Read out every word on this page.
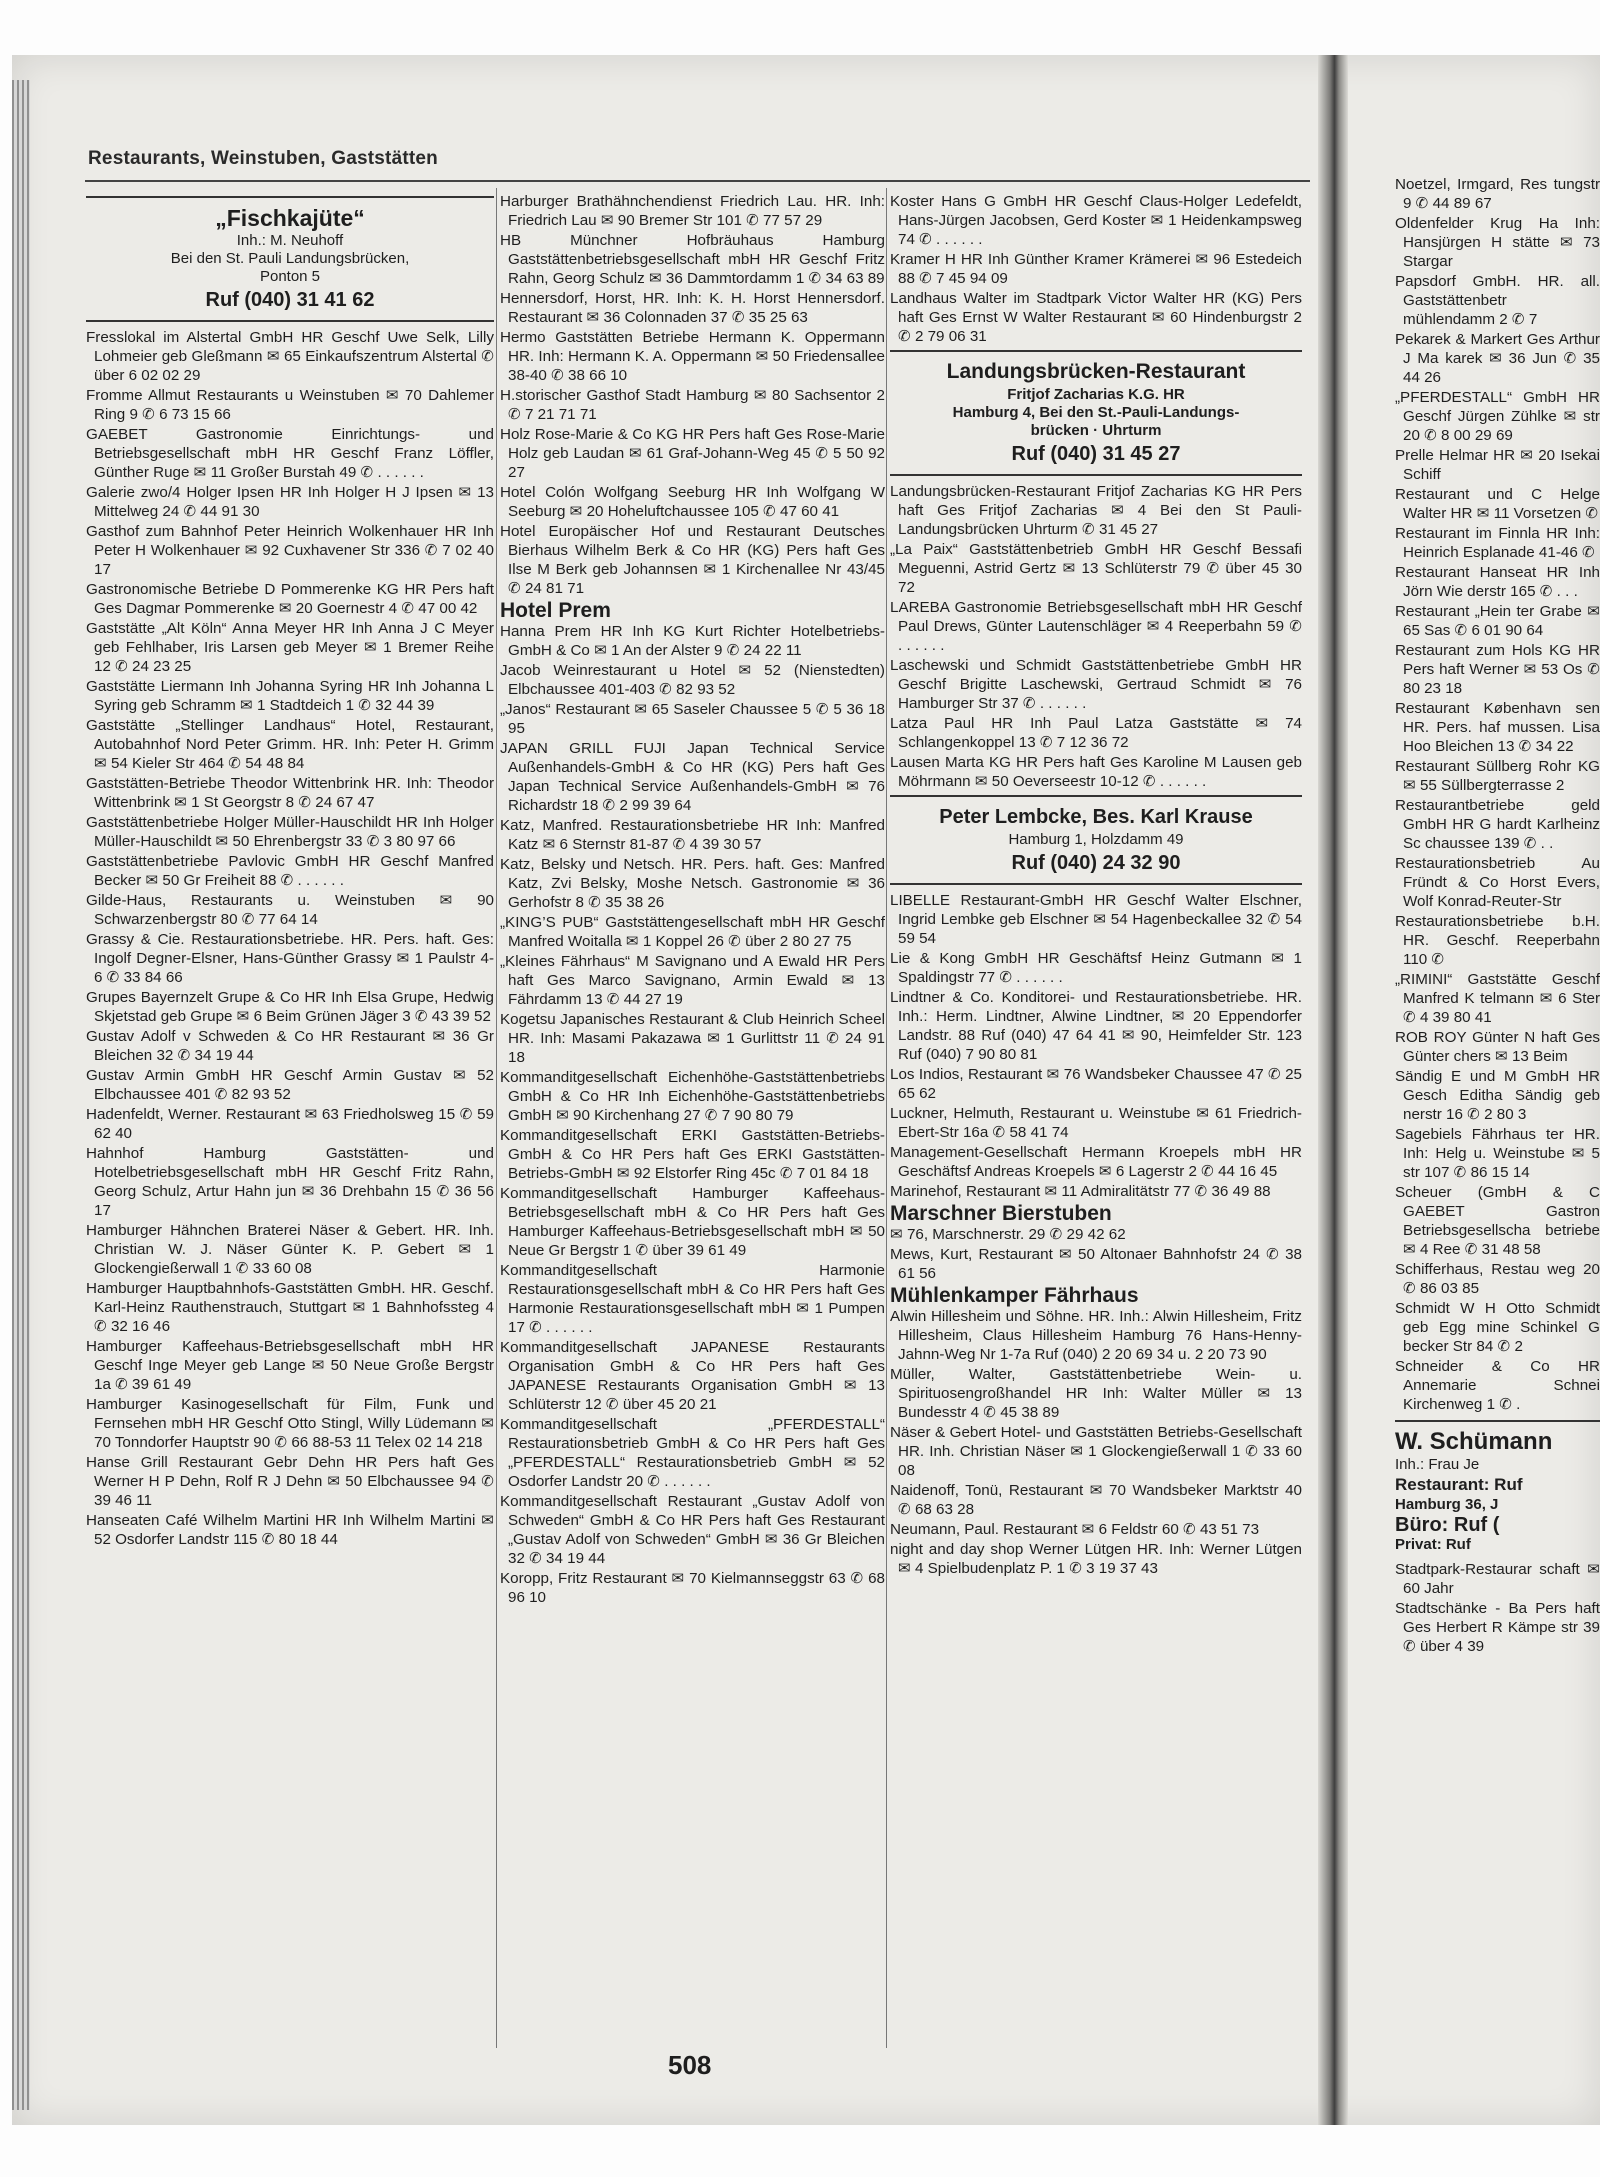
Restaurants, Weinstuben, Gaststätten
„Fischkajüte“
Inh.: M. Neuhoff
Bei den St. Pauli Landungsbrücken,
Ponton 5
Ruf (040) 31 41 62
Fresslokal im Alstertal GmbH HR Geschf Uwe Selk, Lilly Lohmeier geb Gleßmann ✉ 65 Einkaufszentrum Alstertal ✆ über 6 02 02 29
Fromme Allmut Restaurants u Weinstuben ✉ 70 Dahlemer Ring 9 ✆ 6 73 15 66
GAEBET Gastronomie Einrichtungs- und Betriebsgesellschaft mbH HR Geschf Franz Löffler, Günther Ruge ✉ 11 Großer Burstah 49 ✆ . . . . . .
Galerie zwo/4 Holger Ipsen HR Inh Holger H J Ipsen ✉ 13 Mittelweg 24 ✆ 44 91 30
Gasthof zum Bahnhof Peter Heinrich Wolkenhauer HR Inh Peter H Wolkenhauer ✉ 92 Cuxhavener Str 336 ✆ 7 02 40 17
Gastronomische Betriebe D Pommerenke KG HR Pers haft Ges Dagmar Pommerenke ✉ 20 Goernestr 4 ✆ 47 00 42
Gaststätte „Alt Köln“ Anna Meyer HR Inh Anna J C Meyer geb Fehlhaber, Iris Larsen geb Meyer ✉ 1 Bremer Reihe 12 ✆ 24 23 25
Gaststätte Liermann Inh Johanna Syring HR Inh Johanna L Syring geb Schramm ✉ 1 Stadtdeich 1 ✆ 32 44 39
Gaststätte „Stellinger Landhaus“ Hotel, Restaurant, Autobahnhof Nord Peter Grimm. HR. Inh: Peter H. Grimm ✉ 54 Kieler Str 464 ✆ 54 48 84
Gaststätten-Betriebe Theodor Wittenbrink HR. Inh: Theodor Wittenbrink ✉ 1 St Georgstr 8 ✆ 24 67 47
Gaststättenbetriebe Holger Müller-Hauschildt HR Inh Holger Müller-Hauschildt ✉ 50 Ehrenbergstr 33 ✆ 3 80 97 66
Gaststättenbetriebe Pavlovic GmbH HR Geschf Manfred Becker ✉ 50 Gr Freiheit 88 ✆ . . . . . .
Gilde-Haus, Restaurants u. Weinstuben ✉ 90 Schwarzenbergstr 80 ✆ 77 64 14
Grassy & Cie. Restaurationsbetriebe. HR. Pers. haft. Ges: Ingolf Degner-Elsner, Hans-Günther Grassy ✉ 1 Paulstr 4-6 ✆ 33 84 66
Grupes Bayernzelt Grupe & Co HR Inh Elsa Grupe, Hedwig Skjetstad geb Grupe ✉ 6 Beim Grünen Jäger 3 ✆ 43 39 52
Gustav Adolf v Schweden & Co HR Restaurant ✉ 36 Gr Bleichen 32 ✆ 34 19 44
Gustav Armin GmbH HR Geschf Armin Gustav ✉ 52 Elbchaussee 401 ✆ 82 93 52
Hadenfeldt, Werner. Restaurant ✉ 63 Friedholsweg 15 ✆ 59 62 40
Hahnhof Hamburg Gaststätten- und Hotelbetriebsgesellschaft mbH HR Geschf Fritz Rahn, Georg Schulz, Artur Hahn jun ✉ 36 Drehbahn 15 ✆ 36 56 17
Hamburger Hähnchen Braterei Näser & Gebert. HR. Inh. Christian W. J. Näser Günter K. P. Gebert ✉ 1 Glockengießerwall 1 ✆ 33 60 08
Hamburger Hauptbahnhofs-Gaststätten GmbH. HR. Geschf. Karl-Heinz Rauthenstrauch, Stuttgart ✉ 1 Bahnhofssteg 4 ✆ 32 16 46
Hamburger Kaffeehaus-Betriebsgesellschaft mbH HR Geschf Inge Meyer geb Lange ✉ 50 Neue Große Bergstr 1a ✆ 39 61 49
Hamburger Kasinogesellschaft für Film, Funk und Fernsehen mbH HR Geschf Otto Stingl, Willy Lüdemann ✉ 70 Tonndorfer Hauptstr 90 ✆ 66 88-53 11 Telex 02 14 218
Hanse Grill Restaurant Gebr Dehn HR Pers haft Ges Werner H P Dehn, Rolf R J Dehn ✉ 50 Elbchaussee 94 ✆ 39 46 11
Hanseaten Café Wilhelm Martini HR Inh Wilhelm Martini ✉ 52 Osdorfer Landstr 115 ✆ 80 18 44
Harburger Brathähnchendienst Friedrich Lau. HR. Inh: Friedrich Lau ✉ 90 Bremer Str 101 ✆ 77 57 29
HB Münchner Hofbräuhaus Hamburg Gaststättenbetriebsgesellschaft mbH HR Geschf Fritz Rahn, Georg Schulz ✉ 36 Dammtordamm 1 ✆ 34 63 89
Hennersdorf, Horst, HR. Inh: K. H. Horst Hennersdorf. Restaurant ✉ 36 Colonnaden 37 ✆ 35 25 63
Hermo Gaststätten Betriebe Hermann K. Oppermann HR. Inh: Hermann K. A. Oppermann ✉ 50 Friedensallee 38-40 ✆ 38 66 10
H.storischer Gasthof Stadt Hamburg ✉ 80 Sachsentor 2 ✆ 7 21 71 71
Holz Rose-Marie & Co KG HR Pers haft Ges Rose-Marie Holz geb Laudan ✉ 61 Graf-Johann-Weg 45 ✆ 5 50 92 27
Hotel Colón Wolfgang Seeburg HR Inh Wolfgang W Seeburg ✉ 20 Hoheluftchaussee 105 ✆ 47 60 41
Hotel Europäischer Hof und Restaurant Deutsches Bierhaus Wilhelm Berk & Co HR (KG) Pers haft Ges Ilse M Berk geb Johannsen ✉ 1 Kirchenallee Nr 43/45 ✆ 24 81 71
Hotel Prem
Hanna Prem HR Inh KG Kurt Richter Hotelbetriebs-GmbH & Co ✉ 1 An der Alster 9 ✆ 24 22 11
Jacob Weinrestaurant u Hotel ✉ 52 (Nienstedten) Elbchaussee 401-403 ✆ 82 93 52
„Janos“ Restaurant ✉ 65 Saseler Chaussee 5 ✆ 5 36 18 95
JAPAN GRILL FUJI Japan Technical Service Außenhandels-GmbH & Co HR (KG) Pers haft Ges Japan Technical Service Außenhandels-GmbH ✉ 76 Richardstr 18 ✆ 2 99 39 64
Katz, Manfred. Restaurationsbetriebe HR Inh: Manfred Katz ✉ 6 Sternstr 81-87 ✆ 4 39 30 57
Katz, Belsky und Netsch. HR. Pers. haft. Ges: Manfred Katz, Zvi Belsky, Moshe Netsch. Gastronomie ✉ 36 Gerhofstr 8 ✆ 35 38 26
„KING’S PUB“ Gaststättengesellschaft mbH HR Geschf Manfred Woitalla ✉ 1 Koppel 26 ✆ über 2 80 27 75
„Kleines Fährhaus“ M Savignano und A Ewald HR Pers haft Ges Marco Savignano, Armin Ewald ✉ 13 Fährdamm 13 ✆ 44 27 19
Kogetsu Japanisches Restaurant & Club Heinrich Scheel HR. Inh: Masami Pakazawa ✉ 1 Gurlittstr 11 ✆ 24 91 18
Kommanditgesellschaft Eichenhöhe-Gaststättenbetriebs GmbH & Co HR Inh Eichenhöhe-Gaststättenbetriebs GmbH ✉ 90 Kirchenhang 27 ✆ 7 90 80 79
Kommanditgesellschaft ERKI Gaststätten-Betriebs-GmbH & Co HR Pers haft Ges ERKI Gaststätten-Betriebs-GmbH ✉ 92 Elstorfer Ring 45c ✆ 7 01 84 18
Kommanditgesellschaft Hamburger Kaffeehaus-Betriebsgesellschaft mbH & Co HR Pers haft Ges Hamburger Kaffeehaus-Betriebsgesellschaft mbH ✉ 50 Neue Gr Bergstr 1 ✆ über 39 61 49
Kommanditgesellschaft Harmonie Restaurationsgesellschaft mbH & Co HR Pers haft Ges Harmonie Restaurationsgesellschaft mbH ✉ 1 Pumpen 17 ✆ . . . . . .
Kommanditgesellschaft JAPANESE Restaurants Organisation GmbH & Co HR Pers haft Ges JAPANESE Restaurants Organisation GmbH ✉ 13 Schlüterstr 12 ✆ über 45 20 21
Kommanditgesellschaft „PFERDESTALL“ Restaurationsbetrieb GmbH & Co HR Pers haft Ges „PFERDESTALL“ Restaurationsbetrieb GmbH ✉ 52 Osdorfer Landstr 20 ✆ . . . . . .
Kommanditgesellschaft Restaurant „Gustav Adolf von Schweden“ GmbH & Co HR Pers haft Ges Restaurant „Gustav Adolf von Schweden“ GmbH ✉ 36 Gr Bleichen 32 ✆ 34 19 44
Koropp, Fritz Restaurant ✉ 70 Kielmannseggstr 63 ✆ 68 96 10
Koster Hans G GmbH HR Geschf Claus-Holger Ledefeldt, Hans-Jürgen Jacobsen, Gerd Koster ✉ 1 Heidenkampsweg 74 ✆ . . . . . .
Kramer H HR Inh Günther Kramer Krämerei ✉ 96 Estedeich 88 ✆ 7 45 94 09
Landhaus Walter im Stadtpark Victor Walter HR (KG) Pers haft Ges Ernst W Walter Restaurant ✉ 60 Hindenburgstr 2 ✆ 2 79 06 31
Landungsbrücken-Restaurant
Fritjof Zacharias K.G. HR
Hamburg 4, Bei den St.-Pauli-Landungs-
brücken · Uhrturm
Ruf (040) 31 45 27
Landungsbrücken-Restaurant Fritjof Zacharias KG HR Pers haft Ges Fritjof Zacharias ✉ 4 Bei den St Pauli-Landungsbrücken Uhrturm ✆ 31 45 27
„La Paix“ Gaststättenbetrieb GmbH HR Geschf Bessafi Meguenni, Astrid Gertz ✉ 13 Schlüterstr 79 ✆ über 45 30 72
LAREBA Gastronomie Betriebsgesellschaft mbH HR Geschf Paul Drews, Günter Lautenschläger ✉ 4 Reeperbahn 59 ✆ . . . . . .
Laschewski und Schmidt Gaststättenbetriebe GmbH HR Geschf Brigitte Laschewski, Gertraud Schmidt ✉ 76 Hamburger Str 37 ✆ . . . . . .
Latza Paul HR Inh Paul Latza Gaststätte ✉ 74 Schlangenkoppel 13 ✆ 7 12 36 72
Lausen Marta KG HR Pers haft Ges Karoline M Lausen geb Möhrmann ✉ 50 Oeverseestr 10-12 ✆ . . . . . .
Peter Lembcke, Bes. Karl Krause
Hamburg 1, Holzdamm 49
Ruf (040) 24 32 90
LIBELLE Restaurant-GmbH HR Geschf Walter Elschner, Ingrid Lembke geb Elschner ✉ 54 Hagenbeckallee 32 ✆ 54 59 54
Lie & Kong GmbH HR Geschäftsf Heinz Gutmann ✉ 1 Spaldingstr 77 ✆ . . . . . .
Lindtner & Co. Konditorei- und Restaurationsbetriebe. HR. Inh.: Herm. Lindtner, Alwine Lindtner, ✉ 20 Eppendorfer Landstr. 88 Ruf (040) 47 64 41 ✉ 90, Heimfelder Str. 123 Ruf (040) 7 90 80 81
Los Indios, Restaurant ✉ 76 Wandsbeker Chaussee 47 ✆ 25 65 62
Luckner, Helmuth, Restaurant u. Weinstube ✉ 61 Friedrich-Ebert-Str 16a ✆ 58 41 74
Management-Gesellschaft Hermann Kroepels mbH HR Geschäftsf Andreas Kroepels ✉ 6 Lagerstr 2 ✆ 44 16 45
Marinehof, Restaurant ✉ 11 Admiralitätstr 77 ✆ 36 49 88
Marschner Bierstuben
✉ 76, Marschnerstr. 29 ✆ 29 42 62
Mews, Kurt, Restaurant ✉ 50 Altonaer Bahnhofstr 24 ✆ 38 61 56
Mühlenkamper Fährhaus
Alwin Hillesheim und Söhne. HR. Inh.: Alwin Hillesheim, Fritz Hillesheim, Claus Hillesheim Hamburg 76 Hans-Henny-Jahnn-Weg Nr 1-7a Ruf (040) 2 20 69 34 u. 2 20 73 90
Müller, Walter, Gaststättenbetriebe Wein- u. Spirituosengroßhandel HR Inh: Walter Müller ✉ 13 Bundesstr 4 ✆ 45 38 89
Näser & Gebert Hotel- und Gaststätten Betriebs-Gesellschaft HR. Inh. Christian Näser ✉ 1 Glockengießerwall 1 ✆ 33 60 08
Naidenoff, Tonü, Restaurant ✉ 70 Wandsbeker Marktstr 40 ✆ 68 63 28
Neumann, Paul. Restaurant ✉ 6 Feldstr 60 ✆ 43 51 73
night and day shop Werner Lütgen HR. Inh: Werner Lütgen ✉ 4 Spielbudenplatz P. 1 ✆ 3 19 37 43
Noetzel, Irmgard, Res tungstr 9 ✆ 44 89 67
Oldenfelder Krug Ha Inh: Hansjürgen H stätte ✉ 73 Stargar
Papsdorf GmbH. HR. all. Gaststättenbetr mühlendamm 2 ✆ 7
Pekarek & Markert Ges Arthur J Ma karek ✉ 36 Jun ✆ 35 44 26
„PFERDESTALL“ GmbH HR Geschf Jürgen Zühlke ✉ str 20 ✆ 8 00 29 69
Prelle Helmar HR ✉ 20 Isekai Schiff
Restaurant und C Helge Walter HR ✉ 11 Vorsetzen ✆
Restaurant im Finnla HR Inh: Heinrich Esplanade 41-46 ✆
Restaurant Hanseat HR Inh Jörn Wie derstr 165 ✆ . . .
Restaurant „Hein ter Grabe ✉ 65 Sas ✆ 6 01 90 64
Restaurant zum Hols KG HR Pers haft Werner ✉ 53 Os ✆ 80 23 18
Restaurant København sen HR. Pers. haf mussen. Lisa Hoo Bleichen 13 ✆ 34 22
Restaurant Süllberg Rohr KG ✉ 55 Süllbergterrasse 2
Restaurantbetriebe geld GmbH HR G hardt Karlheinz Sc chaussee 139 ✆ . .
Restaurationsbetrieb Au Fründt & Co Horst Evers, Wolf Konrad-Reuter-Str
Restaurationsbetriebe b.H. HR. Geschf. Reeperbahn 110 ✆
„RIMINI“ Gaststätte Geschf Manfred K telmann ✉ 6 Ster ✆ 4 39 80 41
ROB ROY Günter N haft Ges Günter chers ✉ 13 Beim
Sändig E und M GmbH HR Gesch Editha Sändig geb nerstr 16 ✆ 2 80 3
Sagebiels Fährhaus ter HR. Inh: Helg u. Weinstube ✉ 5 str 107 ✆ 86 15 14
Scheuer (GmbH & C GAEBET Gastron Betriebsgesellscha betriebe ✉ 4 Ree ✆ 31 48 58
Schifferhaus, Restau weg 20 ✆ 86 03 85
Schmidt W H Otto Schmidt geb Egg mine Schinkel G becker Str 84 ✆ 2
Schneider & Co HR Annemarie Schnei Kirchenweg 1 ✆ .
W. Schümann
Inh.: Frau Je
Restaurant: Ruf
Hamburg 36, J
Büro: Ruf (
Privat: Ruf
Stadtpark-Restaurar schaft ✉ 60 Jahr
Stadtschänke - Ba Pers haft Ges Herbert R Kämpe str 39 ✆ über 4 39
508
